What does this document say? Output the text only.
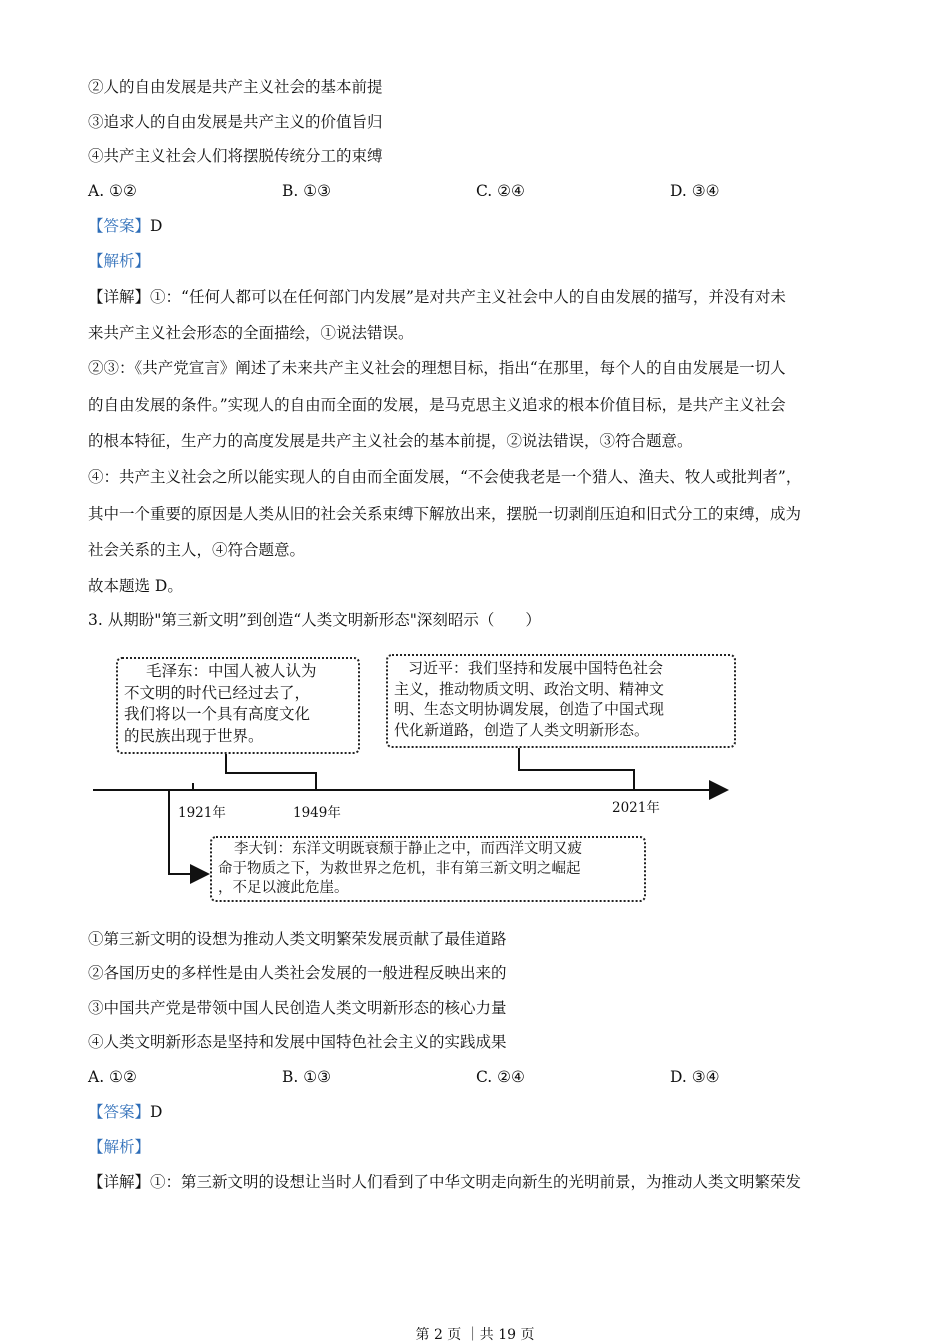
②人的自由发展是共产主义社会的基本前提
③追求人的自由发展是共产主义的价值旨归
④共产主义社会人们将摆脱传统分工的束缚
A. ①②	B. ①③	C. ②④	D. ③④
【答案】D
【解析】
【详解】①：“任何人都可以在任何部门内发展”是对共产主义社会中人的自由发展的描写，并没有对未
来共产主义社会形态的全面描绘，①说法错误。
②③：《共产党宣言》阐述了未来共产主义社会的理想目标，指出“在那里，每个人的自由发展是一切人
的自由发展的条件。”实现人的自由而全面的发展，是马克思主义追求的根本价值目标，是共产主义社会
的根本特征，生产力的高度发展是共产主义社会的基本前提，②说法错误，③符合题意。
④：共产主义社会之所以能实现人的自由而全面发展，“不会使我老是一个猎人、渔夫、牧人或批判者”，
其中一个重要的原因是人类从旧的社会关系束缚下解放出来，摆脱一切剥削压迫和旧式分工的束缚，成为
社会关系的主人，④符合题意。
故本题选 D。
3. 从期盼"第三新文明”到创造“人类文明新形态"深刻昭示（　　）

毛泽东：中国人被人认为

不文明的时代已经过去了，

我们将以一个具有高度文化

的民族出现于世界。

习近平：我们坚持和发展中国特色社会

主义，推动物质文明、政治文明、精神文

明、生态文明协调发展，创造了中国式现

代化新道路，创造了人类文明新形态。

1921年	1949年	2021年

李大钊：东洋文明既衰颓于静止之中，而西洋文明又疲

命于物质之下，为救世界之危机，非有第三新文明之崛起

，不足以渡此危崖。

①第三新文明的设想为推动人类文明繁荣发展贡献了最佳道路
②各国历史的多样性是由人类社会发展的一般进程反映出来的
③中国共产党是带领中国人民创造人类文明新形态的核心力量
④人类文明新形态是坚持和发展中国特色社会主义的实践成果
A. ①②	B. ①③	C. ②④	D. ③④
【答案】D
【解析】
【详解】①：第三新文明的设想让当时人们看到了中华文明走向新生的光明前景，为推动人类文明繁荣发
第 2 页 ｜共 19 页
